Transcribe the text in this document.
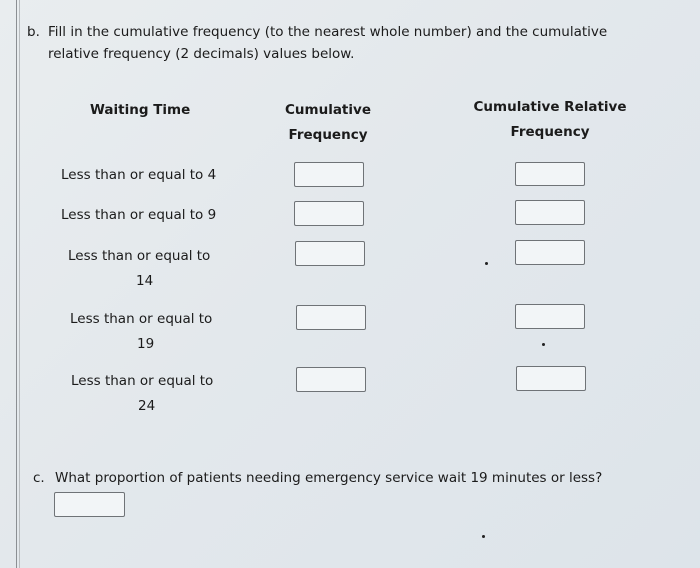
b. Fill in the cumulative frequency (to the nearest whole number) and the cumulative
relative frequency (2 decimals) values below.
Waiting Time	Cumulative
Frequency
Cumulative Relative
Frequency
Less than or equal to 4
Less than or equal to 9
Less than or equal to
14
Less than or equal to
19
Less than or equal to
24
c. What proportion of patients needing emergency service wait 19 minutes or less?
